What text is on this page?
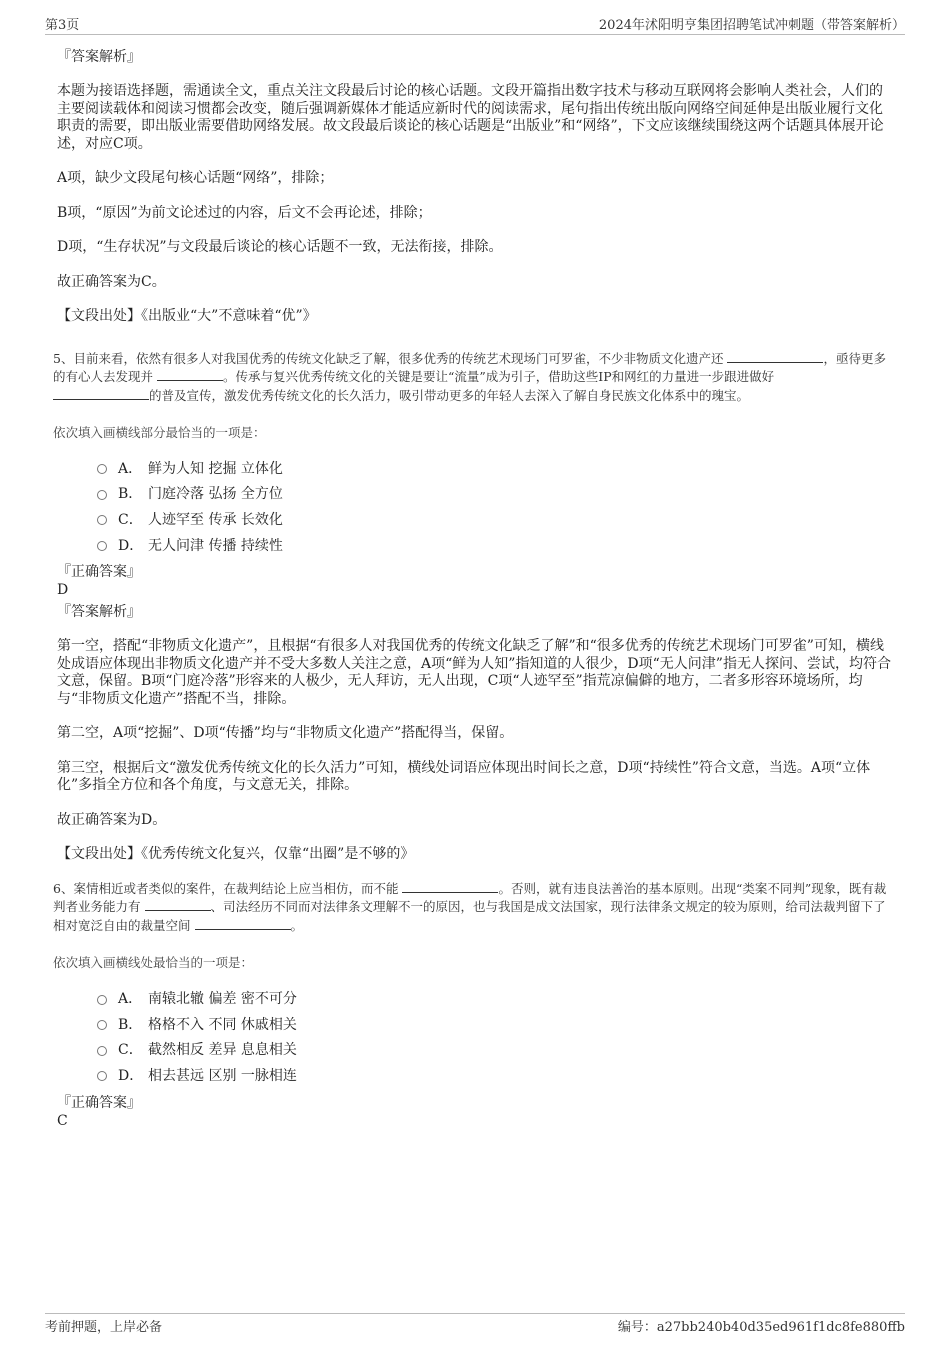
第3页	2024年沭阳明亨集团招聘笔试冲刺题（带答案解析）

『答案解析』

本题为接语选择题，需通读全文，重点关注文段最后讨论的核心话题。文段开篇指出数字技术与移动互联网将会影响人类社会，人们的主要阅读载体和阅读习惯都会改变，随后强调新媒体才能适应新时代的阅读需求，尾句指出传统出版向网络空间延伸是出版业履行文化职责的需要，即出版业需要借助网络发展。故文段最后谈论的核心话题是“出版业”和“网络”，下文应该继续围绕这两个话题具体展开论述，对应C项。

A项，缺少文段尾句核心话题“网络”，排除；

B项，“原因”为前文论述过的内容，后文不会再论述，排除；

D项，“生存状况”与文段最后谈论的核心话题不一致，无法衔接，排除。

故正确答案为C。

【文段出处】《出版业“大”不意味着“优”》

5、目前来看，依然有很多人对我国优秀的传统文化缺乏了解，很多优秀的传统艺术现场门可罗雀，不少非物质文化遗产还	，亟待更多的有心人去发现并	。传承与复兴优秀传统文化的关键是要让“流量”成为引子，借助这些IP和网红的力量进一步跟进做好
的普及宣传，激发优秀传统文化的长久活力，吸引带动更多的年轻人去深入了解自身民族文化体系中的瑰宝。

依次填入画横线部分最恰当的一项是：

A． 鲜为人知 挖掘 立体化
B． 门庭冷落 弘扬 全方位
C． 人迹罕至 传承 长效化
D． 无人问津 传播 持续性

『正确答案』

D

『答案解析』

第一空，搭配“非物质文化遗产”，且根据“有很多人对我国优秀的传统文化缺乏了解”和“很多优秀的传统艺术现场门可罗雀”可知，横线处成语应体现出非物质文化遗产并不受大多数人关注之意，A项“鲜为人知”指知道的人很少，D项“无人问津”指无人探问、尝试，均符合文意，保留。B项“门庭冷落”形容来的人极少，无人拜访，无人出现，C项“人迹罕至”指荒凉偏僻的地方，二者多形容环境场所，均与“非物质文化遗产”搭配不当，排除。

第二空，A项“挖掘”、D项“传播”均与“非物质文化遗产”搭配得当，保留。

第三空，根据后文“激发优秀传统文化的长久活力”可知，横线处词语应体现出时间长之意，D项“持续性”符合文意，当选。A项“立体化”多指全方位和各个角度，与文意无关，排除。

故正确答案为D。

【文段出处】《优秀传统文化复兴，仅靠“出圈”是不够的》

6、案情相近或者类似的案件，在裁判结论上应当相仿，而不能	。否则，就有违良法善治的基本原则。出现“类案不同判”现象，既有裁判者业务能力有	、司法经历不同而对法律条文理解不一的原因，也与我国是成文法国家，现行法律条文规定的较为原则，给司法裁判留下了相对宽泛自由的裁量空间	。

依次填入画横线处最恰当的一项是：

A． 南辕北辙 偏差 密不可分
B． 格格不入 不同 休戚相关
C． 截然相反 差异 息息相关
D． 相去甚远 区别 一脉相连

『正确答案』

C

考前押题，上岸必备	编号：a27bb240b40d35ed961f1dc8fe880ffb
